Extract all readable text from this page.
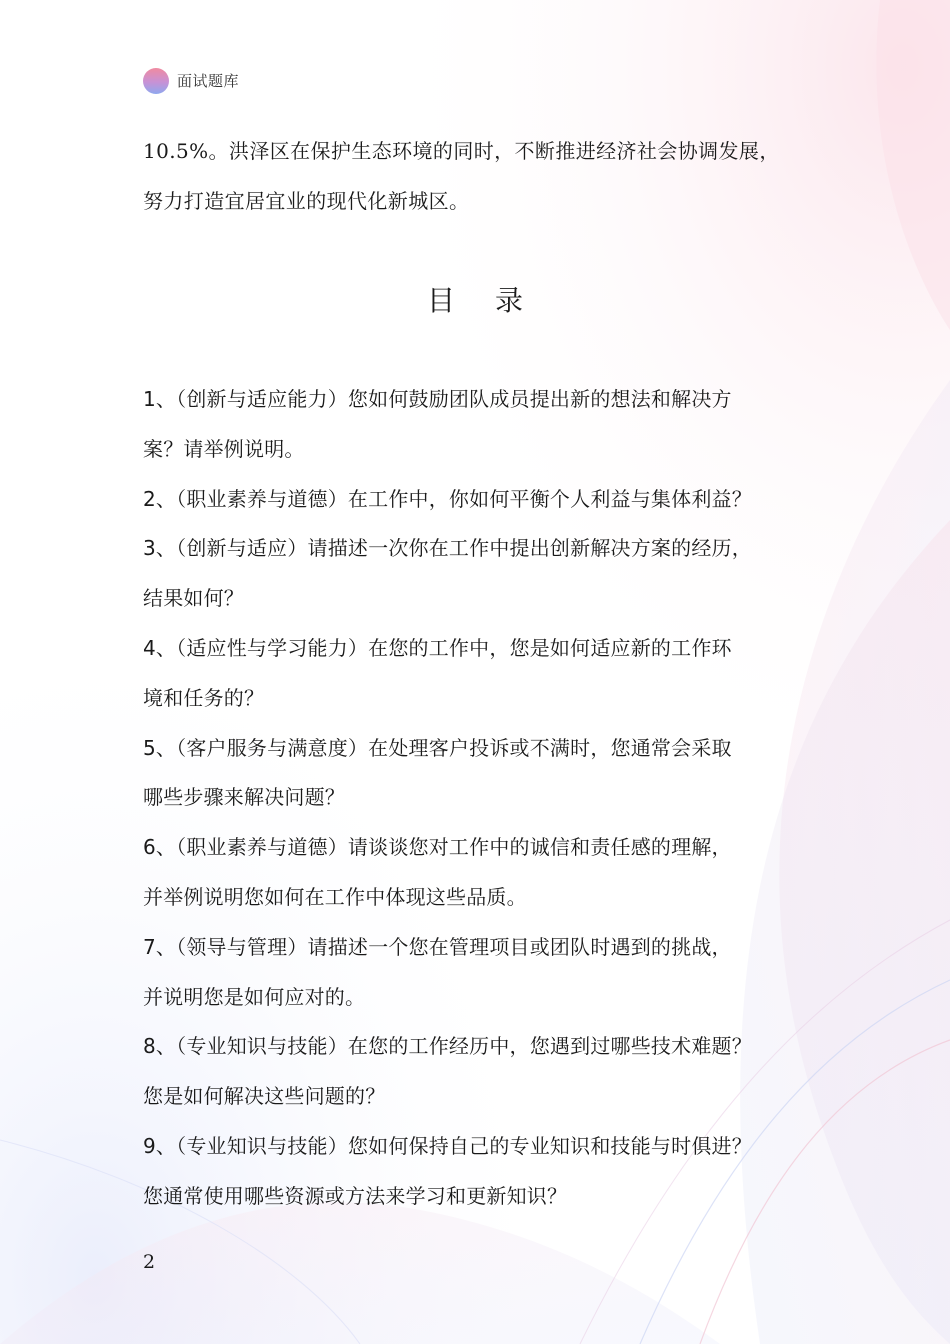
面试题库

10.5%。洪泽区在保护生态环境的同时，不断推进经济社会协调发展，

努力打造宜居宜业的现代化新城区。

目录
1、（创新与适应能力）您如何鼓励团队成员提出新的想法和解决方
案？请举例说明。
2、（职业素养与道德）在工作中，你如何平衡个人利益与集体利益？
3、（创新与适应）请描述一次你在工作中提出创新解决方案的经历，
结果如何？
4、（适应性与学习能力）在您的工作中，您是如何适应新的工作环
境和任务的？
5、（客户服务与满意度）在处理客户投诉或不满时，您通常会采取
哪些步骤来解决问题？
6、（职业素养与道德）请谈谈您对工作中的诚信和责任感的理解，
并举例说明您如何在工作中体现这些品质。
7、（领导与管理）请描述一个您在管理项目或团队时遇到的挑战，
并说明您是如何应对的。
8、（专业知识与技能）在您的工作经历中，您遇到过哪些技术难题？
您是如何解决这些问题的？
9、（专业知识与技能）您如何保持自己的专业知识和技能与时俱进？
您通常使用哪些资源或方法来学习和更新知识？
2
